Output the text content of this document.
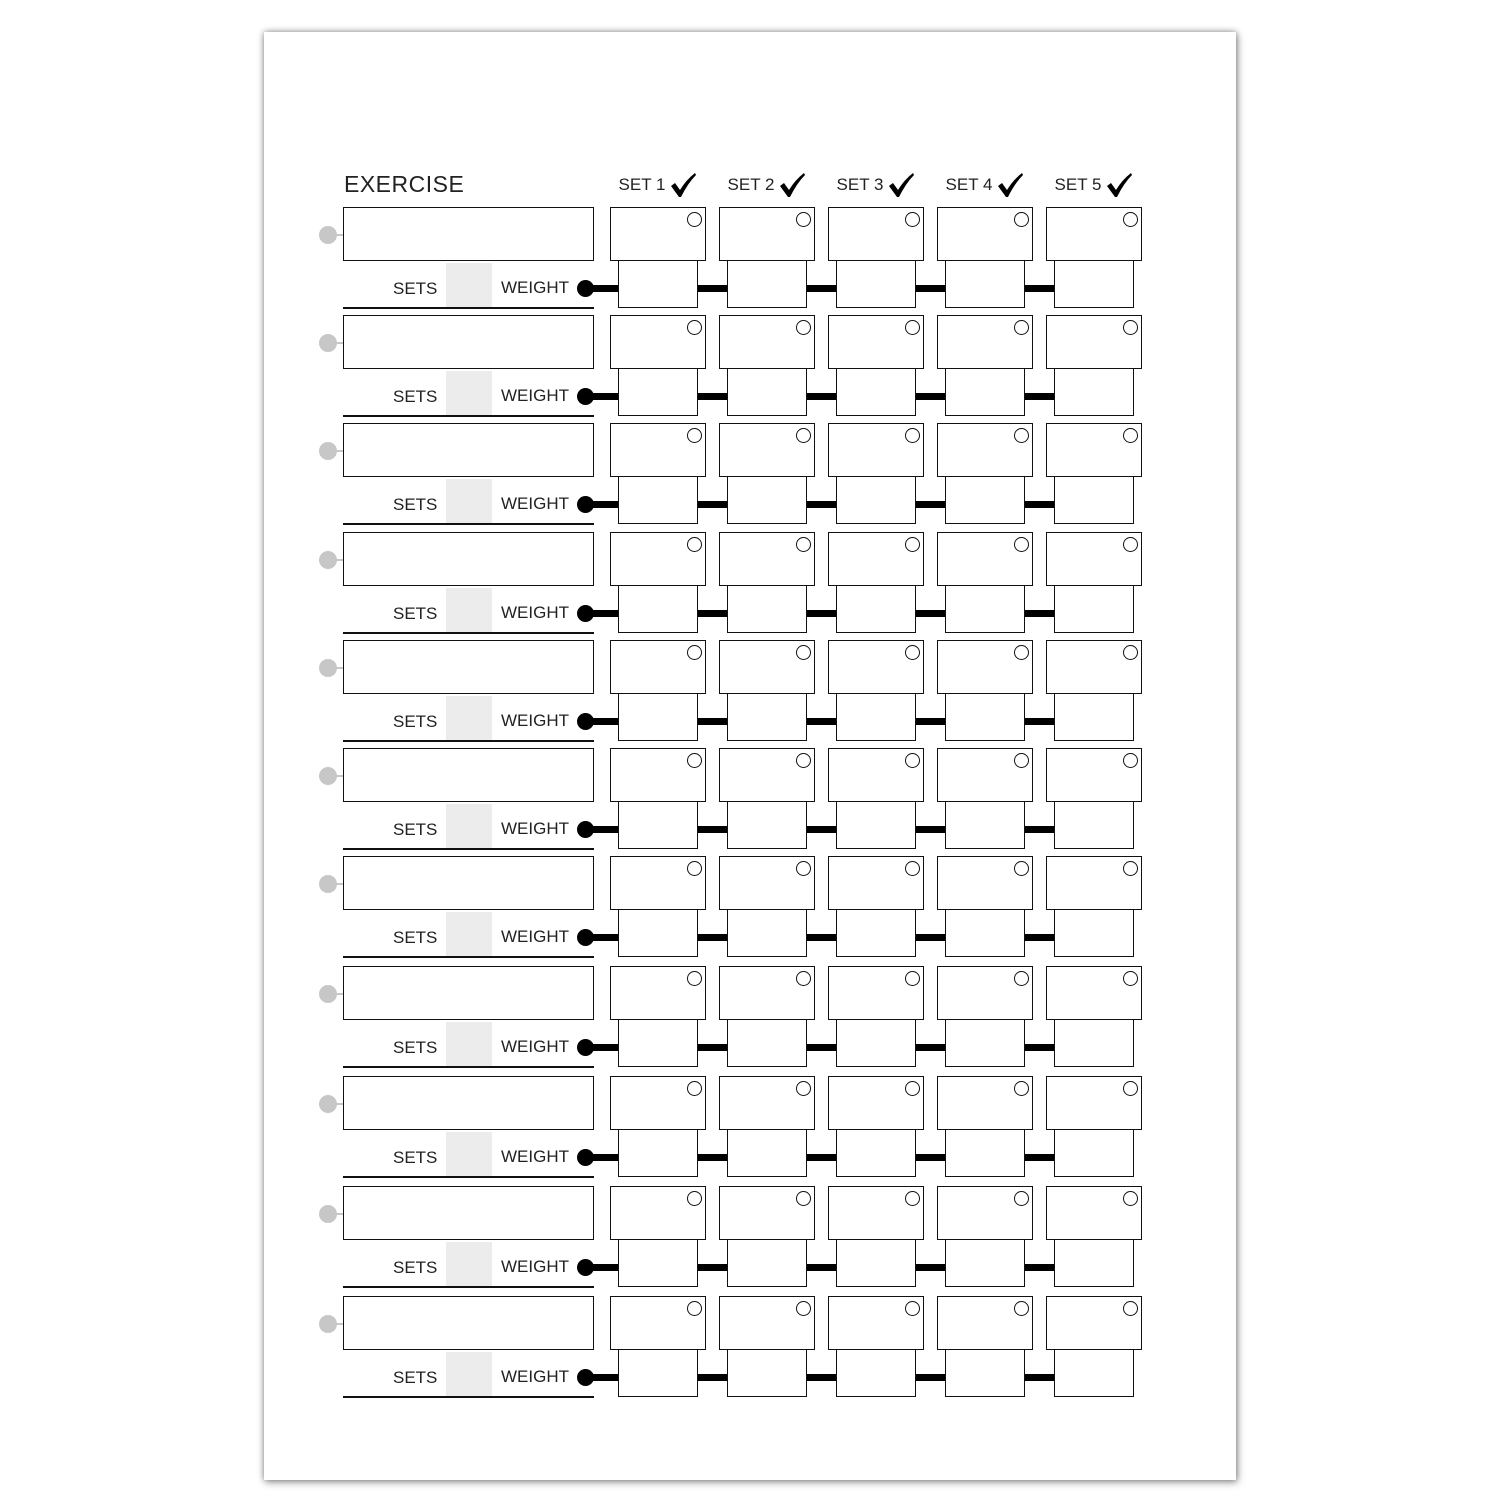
EXERCISE	SET 1	SET 2	SET 3	SET 4	SET 5
SETS	WEIGHT
SETS	WEIGHT
SETS	WEIGHT
SETS	WEIGHT
SETS	WEIGHT
SETS	WEIGHT
SETS	WEIGHT
SETS	WEIGHT
SETS	WEIGHT
SETS	WEIGHT
SETS	WEIGHT
